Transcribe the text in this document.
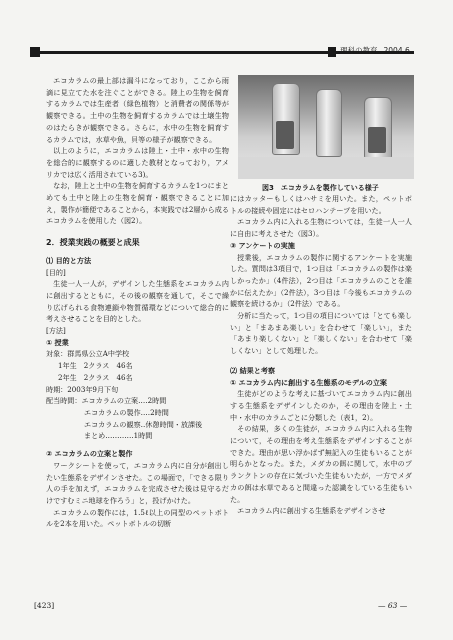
理科の教育 2004.6

エコカラムの最上部は漏斗になっており，ここから雨滴に見立てた水を注ぐことができる。陸上の生物を飼育するカラムでは生産者（緑色植物）と消費者の関係等が観察できる。土中の生物を飼育するカラムでは土壌生物のはたらきが観察できる。さらに，水中の生物を飼育するカラムでは，水草や魚，貝等の様子が観察できる。

以上のように，エコカラムは陸上・土中・水中の生物を総合的に観察するのに適した教材となっており，アメリカでは広く活用されている3)。

なお，陸上と土中の生物を飼育するカラムを1つにまとめても土中と陸上の生物を飼育・観察できることに加え，製作が簡便であることから，本実践では2層から成るエコカラムを使用した（図2）。

2．授業実践の概要と成果

⑴ 目的と方法

[目的]

生徒一人一人が，デザインした生態系をエコカラム内に創出するとともに，その後の観察を通して，そこで繰り広げられる食物連鎖や物質循環などについて総合的に考えさせることを目的とした。

[方法]

① 授業

対象：群馬県公立A中学校

1年生　2クラス　46名

2年生　2クラス　46名

時期：2003年9月下旬

配当時間：エコカラムの立案‥‥2時間

エコカラムの製作‥‥2時間

エコカラムの観察‥休憩時間・放課後

まとめ‥‥‥‥‥‥1時間

② エコカラムの立案と製作

ワークシートを使って，エコカラム内に自分が創出したい生態系をデザインさせた。この場面で，「できる限り人の手を加えず，エコカラムを完成させた後は見守るだけですむミニ地球を作ろう」と，投げかけた。

エコカラムの製作には，1.5ℓ以上の同型のペットボトルを2本を用いた。ペットボトルの切断

図3　エコカラムを製作している様子

にはカッターもしくはハサミを用いた。また，ペットボトルの接続や固定にはセロハンテープを用いた。

エコカラム内に入れる生物については，生徒一人一人に自由に考えさせた（図3）。

③ アンケートの実施

授業後，エコカラムの製作に関するアンケートを実施した。質問は3項目で，1つ目は「エコカラムの製作は楽しかったか」（4件法），2つ目は「エコカラムのことを誰かに伝えたか」（2件法），3つ目は「今後もエコカラムの観察を続けるか」（2件法）である。

分析に当たって，1つ目の項目については「とても楽しい」と「まあまあ楽しい」を合わせて「楽しい」，また「あまり楽しくない」と「楽しくない」を合わせて「楽しくない」として処理した。

⑵ 結果と考察

① エコカラム内に創出する生態系のモデルの立案

生徒がどのような考えに基づいてエコカラム内に創出する生態系をデザインしたのか，その理由を陸上・土中・水中のカラムごとに分類した（表1，2）。

その結果，多くの生徒が，エコカラム内に入れる生物について，その理由を考え生態系をデザインすることができた。理由が思い浮かばず無記入の生徒もいることが明らかとなった。また，メダカの餌に関して，水中のプランクトンの存在に気づいた生徒もいたが，一方でメダカの餌は水草であると間違った認識をしている生徒もいた。

エコカラム内に創出する生態系をデザインさせ

[423]	— 63 —
